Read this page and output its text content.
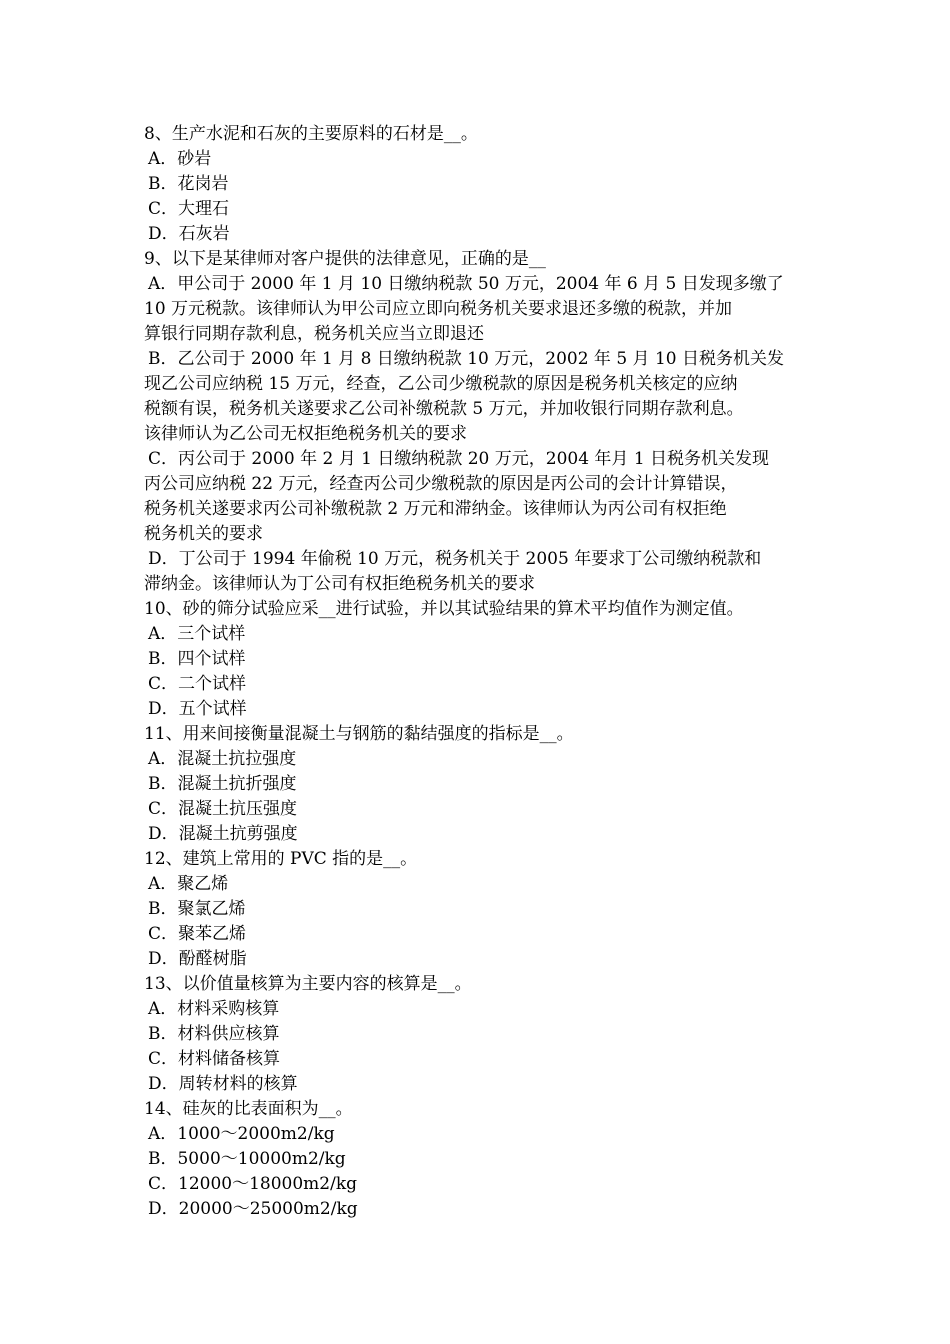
8、生产水泥和石灰的主要原料的石材是__。
A．砂岩
B．花岗岩
C．大理石
D．石灰岩
9、以下是某律师对客户提供的法律意见，正确的是__
A．甲公司于 2000 年 1 月 10 日缴纳税款 50 万元，2004 年 6 月 5 日发现多缴了
10 万元税款。该律师认为甲公司应立即向税务机关要求退还多缴的税款，并加
算银行同期存款利息，税务机关应当立即退还
B．乙公司于 2000 年 1 月 8 日缴纳税款 10 万元，2002 年 5 月 10 日税务机关发
现乙公司应纳税 15 万元，经查，乙公司少缴税款的原因是税务机关核定的应纳
税额有误，税务机关遂要求乙公司补缴税款 5 万元，并加收银行同期存款利息。
该律师认为乙公司无权拒绝税务机关的要求
C．丙公司于 2000 年 2 月 1 日缴纳税款 20 万元，2004 年月 1 日税务机关发现
丙公司应纳税 22 万元，经查丙公司少缴税款的原因是丙公司的会计计算错误，
税务机关遂要求丙公司补缴税款 2 万元和滞纳金。该律师认为丙公司有权拒绝
税务机关的要求
D．丁公司于 1994 年偷税 10 万元，税务机关于 2005 年要求丁公司缴纳税款和
滞纳金。该律师认为丁公司有权拒绝税务机关的要求
10、砂的筛分试验应采__进行试验，并以其试验结果的算术平均值作为测定值。
A．三个试样
B．四个试样
C．二个试样
D．五个试样
11、用来间接衡量混凝土与钢筋的黏结强度的指标是__。
A．混凝土抗拉强度
B．混凝土抗折强度
C．混凝土抗压强度
D．混凝土抗剪强度
12、建筑上常用的 PVC 指的是__。
A．聚乙烯
B．聚氯乙烯
C．聚苯乙烯
D．酚醛树脂
13、以价值量核算为主要内容的核算是__。
A．材料采购核算
B．材料供应核算
C．材料储备核算
D．周转材料的核算
14、硅灰的比表面积为__。
A．1000～2000m2/kg
B．5000～10000m2/kg
C．12000～18000m2/kg
D．20000～25000m2/kg
